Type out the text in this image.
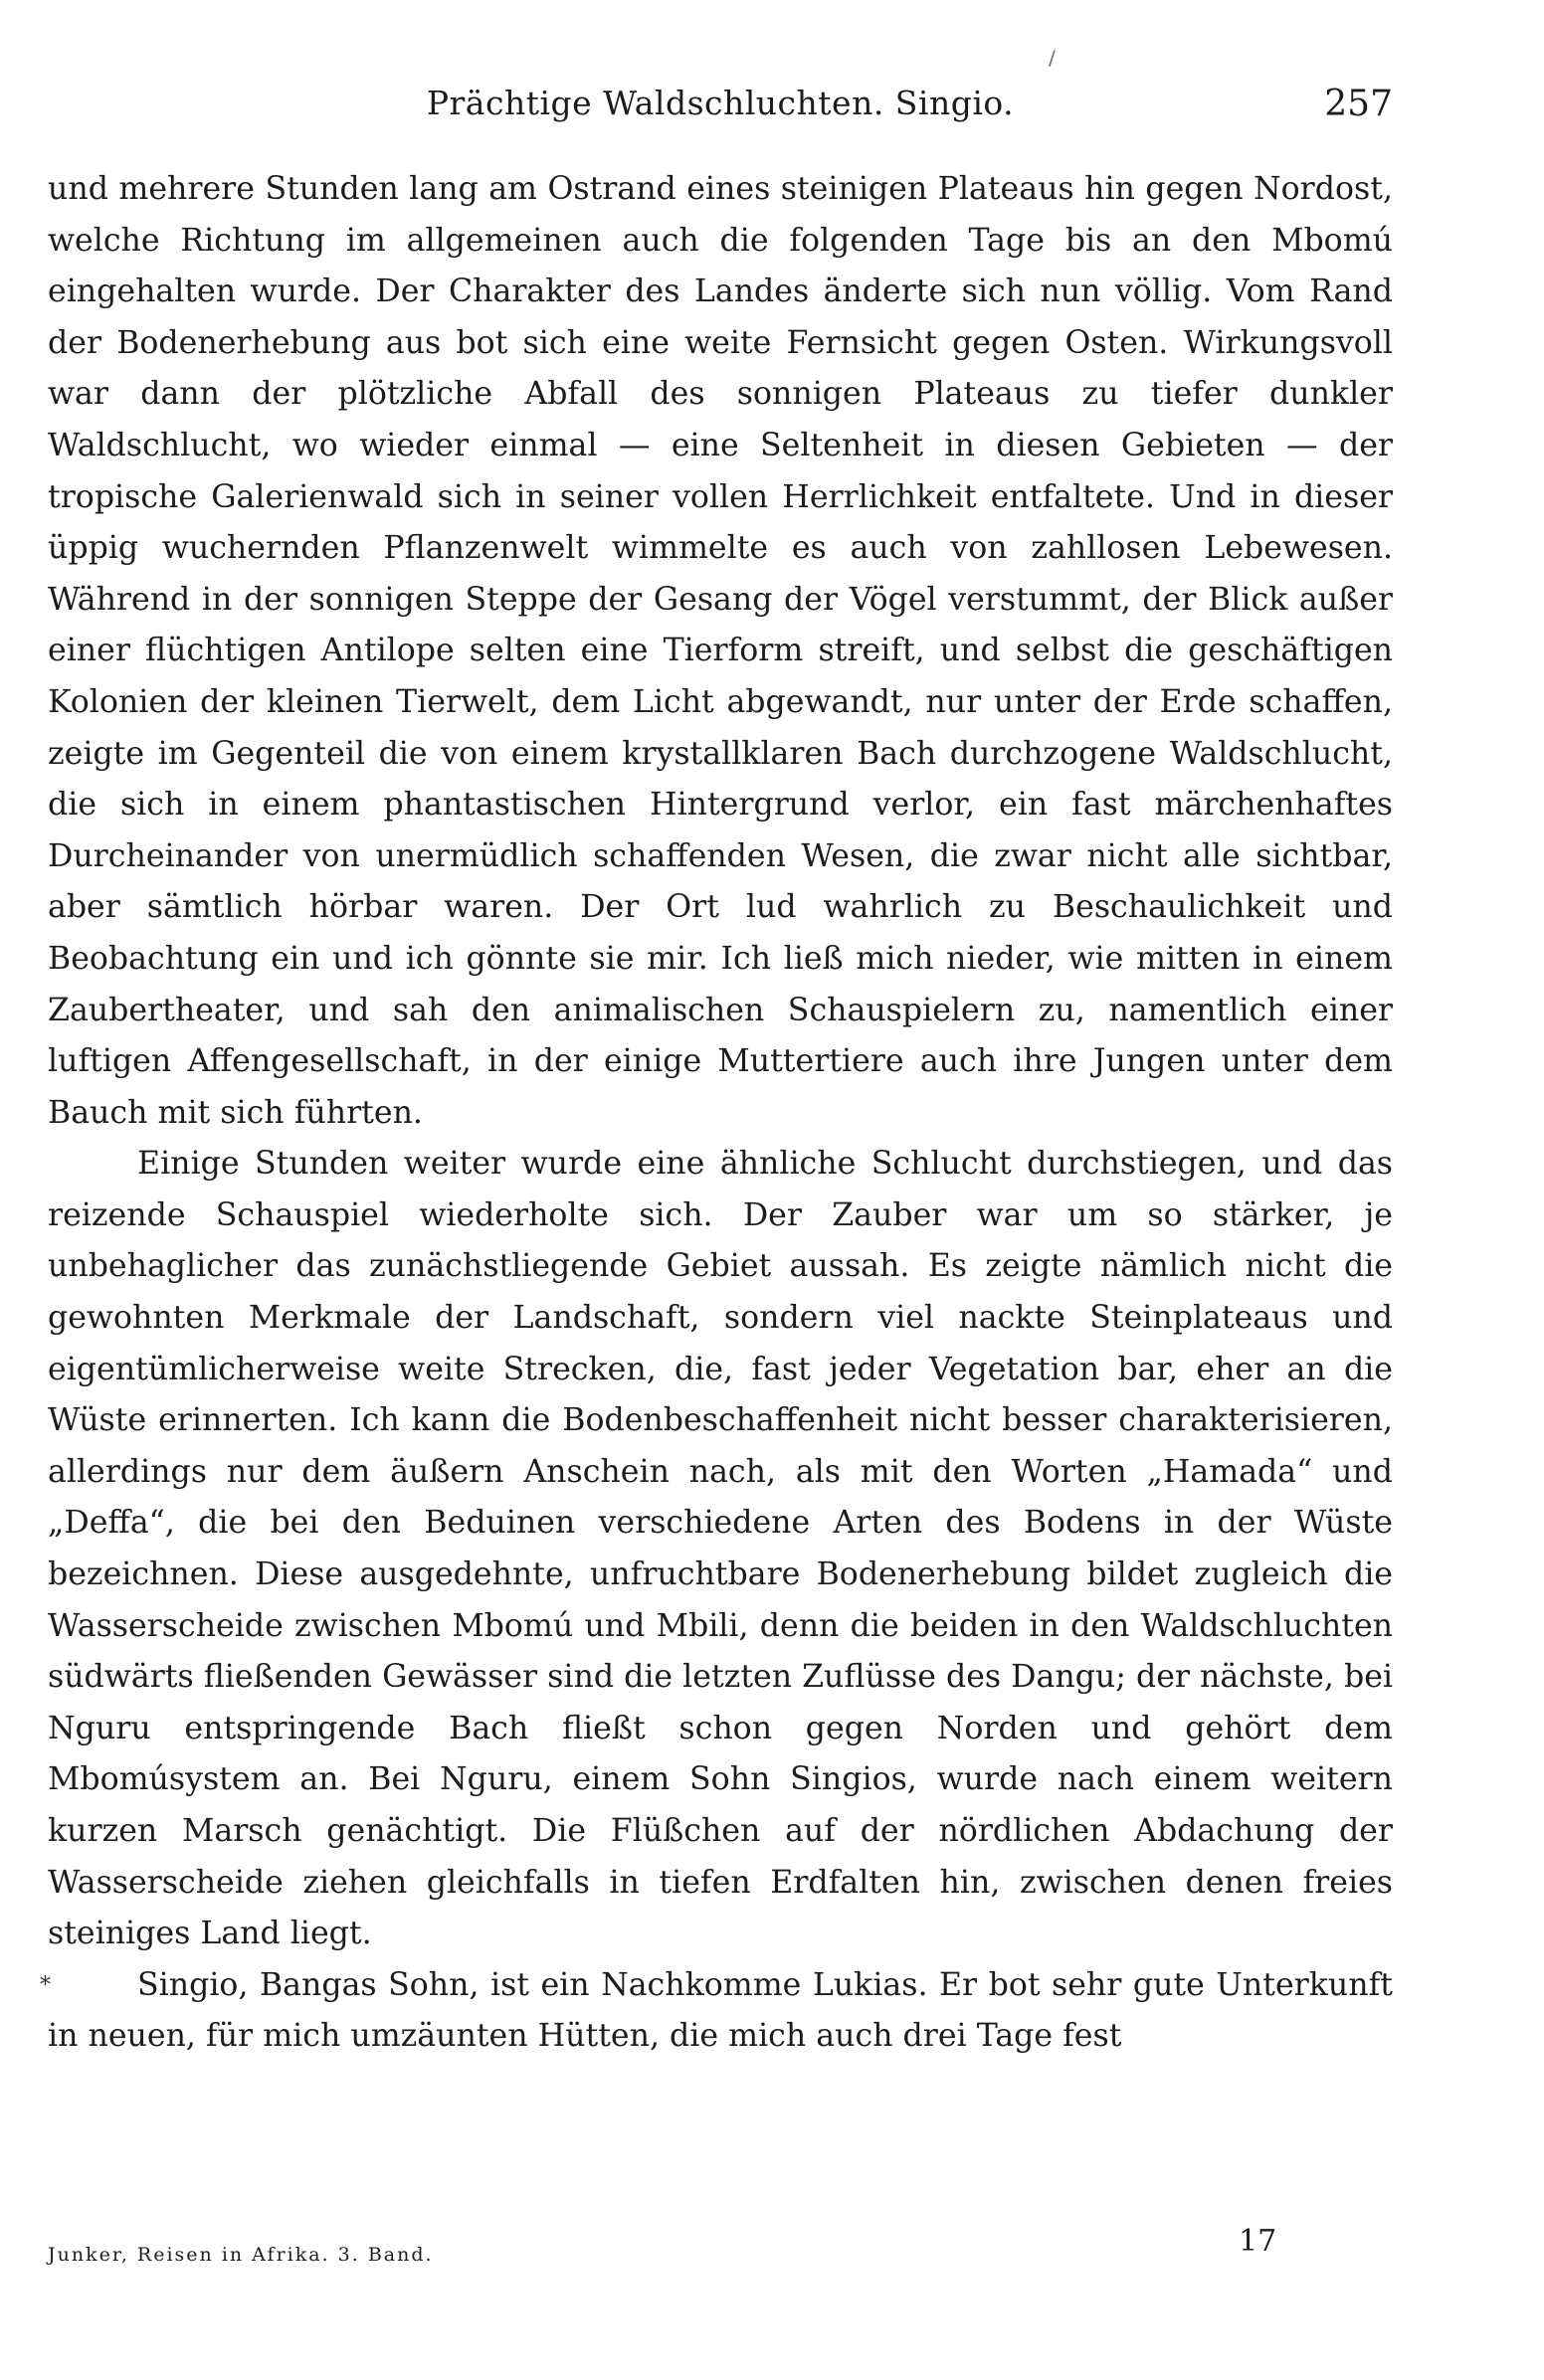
/
Prächtige Waldschluchten. Singio.	257

und mehrere Stunden lang am Ostrand eines steinigen Plateaus hin gegen Nordost, welche Richtung im allgemeinen auch die folgenden Tage bis an den Mbomú eingehalten wurde. Der Charakter des Landes änderte sich nun völlig. Vom Rand der Bodenerhebung aus bot sich eine weite Fernsicht gegen Osten. Wirkungsvoll war dann der plötzliche Abfall des sonnigen Plateaus zu tiefer dunkler Waldschlucht, wo wieder einmal — eine Seltenheit in diesen Gebieten — der tropische Galerienwald sich in seiner vollen Herrlichkeit entfaltete. Und in dieser üppig wuchernden Pflanzenwelt wimmelte es auch von zahllosen Lebewesen. Während in der sonnigen Steppe der Gesang der Vögel verstummt, der Blick außer einer flüchtigen Antilope selten eine Tierform streift, und selbst die geschäftigen Kolonien der kleinen Tierwelt, dem Licht abgewandt, nur unter der Erde schaffen, zeigte im Gegenteil die von einem krystallklaren Bach durchzogene Waldschlucht, die sich in einem phantastischen Hintergrund verlor, ein fast märchenhaftes Durcheinander von unermüdlich schaffenden Wesen, die zwar nicht alle sichtbar, aber sämtlich hörbar waren. Der Ort lud wahrlich zu Beschaulichkeit und Beobachtung ein und ich gönnte sie mir. Ich ließ mich nieder, wie mitten in einem Zaubertheater, und sah den animalischen Schauspielern zu, namentlich einer luftigen Affengesellschaft, in der einige Muttertiere auch ihre Jungen unter dem Bauch mit sich führten.

Einige Stunden weiter wurde eine ähnliche Schlucht durchstiegen, und das reizende Schauspiel wiederholte sich. Der Zauber war um so stärker, je unbehaglicher das zunächstliegende Gebiet aussah. Es zeigte nämlich nicht die gewohnten Merkmale der Landschaft, sondern viel nackte Steinplateaus und eigentümlicherweise weite Strecken, die, fast jeder Vegetation bar, eher an die Wüste erinnerten. Ich kann die Bodenbeschaffenheit nicht besser charakterisieren, allerdings nur dem äußern Anschein nach, als mit den Worten „Hamada“ und „Deffa“, die bei den Beduinen verschiedene Arten des Bodens in der Wüste bezeichnen. Diese ausgedehnte, unfruchtbare Bodenerhebung bildet zugleich die Wasserscheide zwischen Mbomú und Mbili, denn die beiden in den Waldschluchten südwärts fließenden Gewässer sind die letzten Zuflüsse des Dangu; der nächste, bei Nguru entspringende Bach fließt schon gegen Norden und gehört dem Mbomúsystem an. Bei Nguru, einem Sohn Singios, wurde nach einem weitern kurzen Marsch genächtigt. Die Flüßchen auf der nördlichen Abdachung der Wasserscheide ziehen gleichfalls in tiefen Erdfalten hin, zwischen denen freies steiniges Land liegt.

Singio, Bangas Sohn, ist ein Nachkomme Lukias. Er bot sehr gute Unterkunft in neuen, für mich umzäunten Hütten, die mich auch drei Tage fest

*
Junker, Reisen in Afrika. 3. Band.	17
